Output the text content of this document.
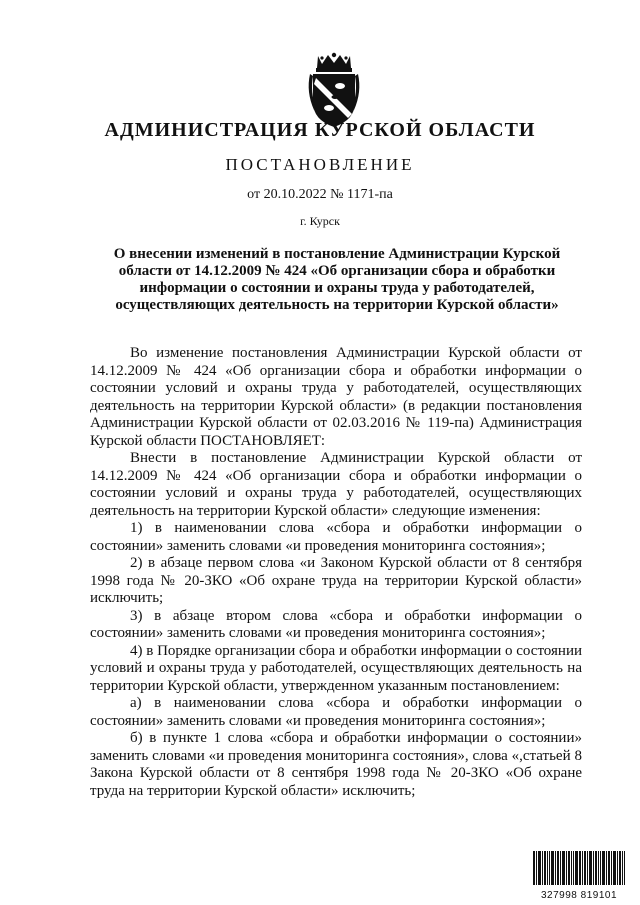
АДМИНИСТРАЦИЯ КУРСКОЙ ОБЛАСТИ
ПОСТАНОВЛЕНИЕ
от 20.10.2022 № 1171-па
г. Курск
О внесении изменений в постановление Администрации Курской области от 14.12.2009 № 424 «Об организации сбора и обработки информации о состоянии и охраны труда у работодателей, осуществляющих деятельность на территории Курской области»

Во изменение постановления Администрации Курской области от 14.12.2009 № 424 «Об организации сбора и обработки информации о состоянии условий и охраны труда у работодателей, осуществляющих деятельность на территории Курской области» (в редакции постановления Администрации Курской области от 02.03.2016 № 119-па) Администрация Курской области ПОСТАНОВЛЯЕТ:

Внести в постановление Администрации Курской области от 14.12.2009 № 424 «Об организации сбора и обработки информации о состоянии условий и охраны труда у работодателей, осуществляющих деятельность на территории Курской области» следующие изменения:

1) в наименовании слова «сбора и обработки информации о состоянии» заменить словами «и проведения мониторинга состояния»;

2) в абзаце первом слова «и Законом Курской области от 8 сентября 1998 года № 20-ЗКО «Об охране труда на территории Курской области» исключить;

3) в абзаце втором слова «сбора и обработки информации о состоянии» заменить словами «и проведения мониторинга состояния»;

4) в Порядке организации сбора и обработки информации о состоянии условий и охраны труда у работодателей, осуществляющих деятельность на территории Курской области, утвержденном указанным постановлением:

а) в наименовании слова «сбора и обработки информации о состоянии» заменить словами «и проведения мониторинга состояния»;

б) в пункте 1 слова «сбора и обработки информации о состоянии» заменить словами «и проведения мониторинга состояния», слова «,статьей 8 Закона Курской области от 8 сентября 1998 года № 20-ЗКО «Об охране труда на территории Курской области» исключить;

327998 819101
